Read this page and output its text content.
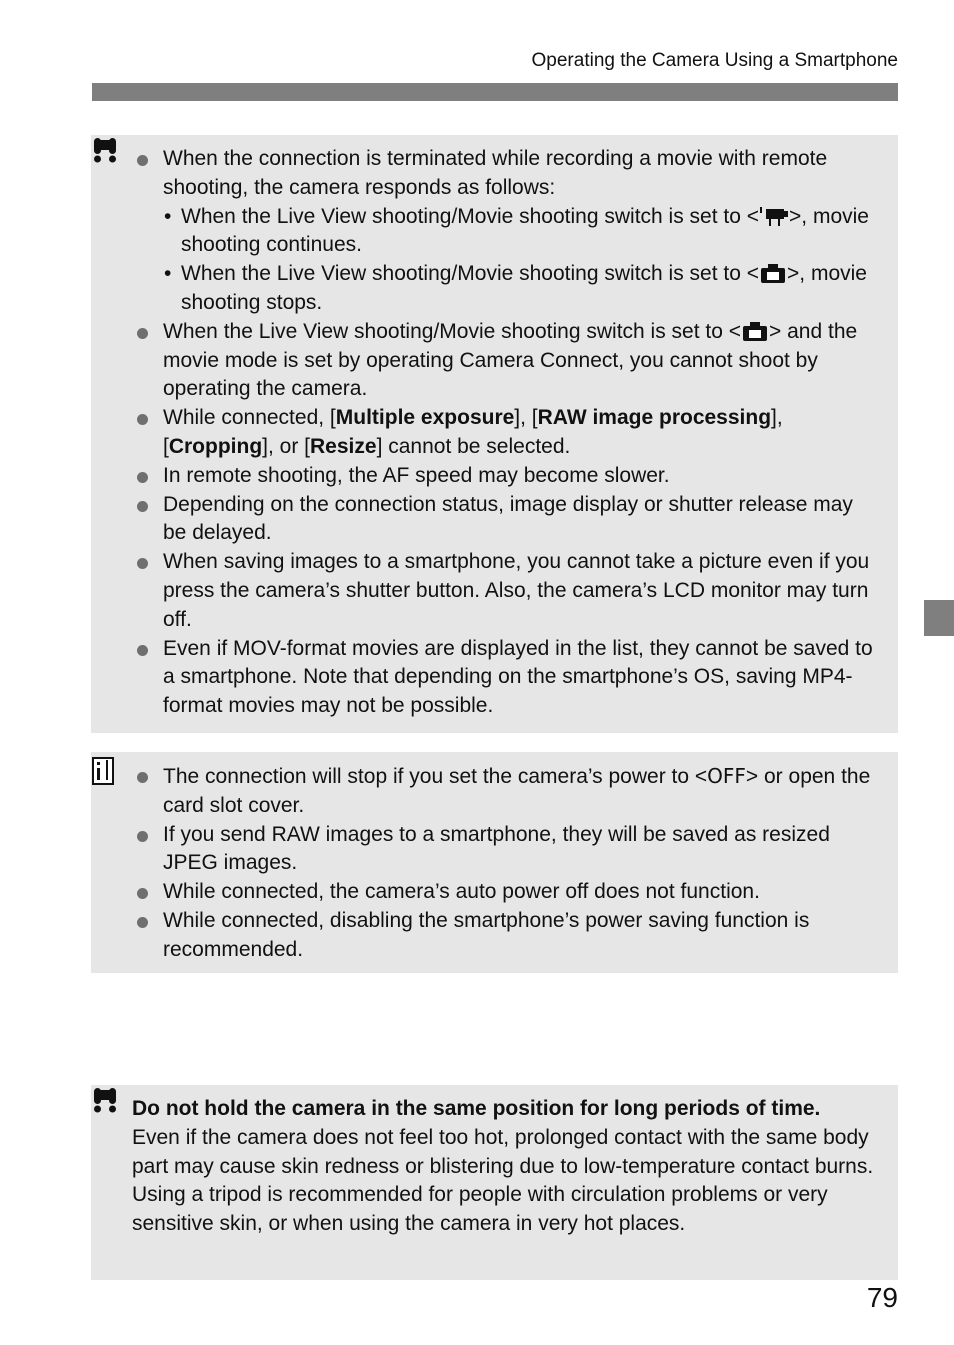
Operating the Camera Using a Smartphone
When the connection is terminated while recording a movie with remote shooting, the camera responds as follows:
• When the Live View shooting/Movie shooting switch is set to < >, movie shooting continues.
• When the Live View shooting/Movie shooting switch is set to < >, movie shooting stops.
When the Live View shooting/Movie shooting switch is set to < > and the movie mode is set by operating Camera Connect, you cannot shoot by operating the camera.
While connected, [Multiple exposure], [RAW image processing], [Cropping], or [Resize] cannot be selected.
In remote shooting, the AF speed may become slower.
Depending on the connection status, image display or shutter release may be delayed.
When saving images to a smartphone, you cannot take a picture even if you press the camera’s shutter button. Also, the camera’s LCD monitor may turn off.
Even if MOV-format movies are displayed in the list, they cannot be saved to a smartphone. Note that depending on the smartphone’s OS, saving MP4-format movies may not be possible.
The connection will stop if you set the camera’s power to <OFF> or open the card slot cover.
If you send RAW images to a smartphone, they will be saved as resized JPEG images.
While connected, the camera’s auto power off does not function.
While connected, disabling the smartphone’s power saving function is recommended.
Do not hold the camera in the same position for long periods of time.
Even if the camera does not feel too hot, prolonged contact with the same body part may cause skin redness or blistering due to low-temperature contact burns. Using a tripod is recommended for people with circulation problems or very sensitive skin, or when using the camera in very hot places.
79
